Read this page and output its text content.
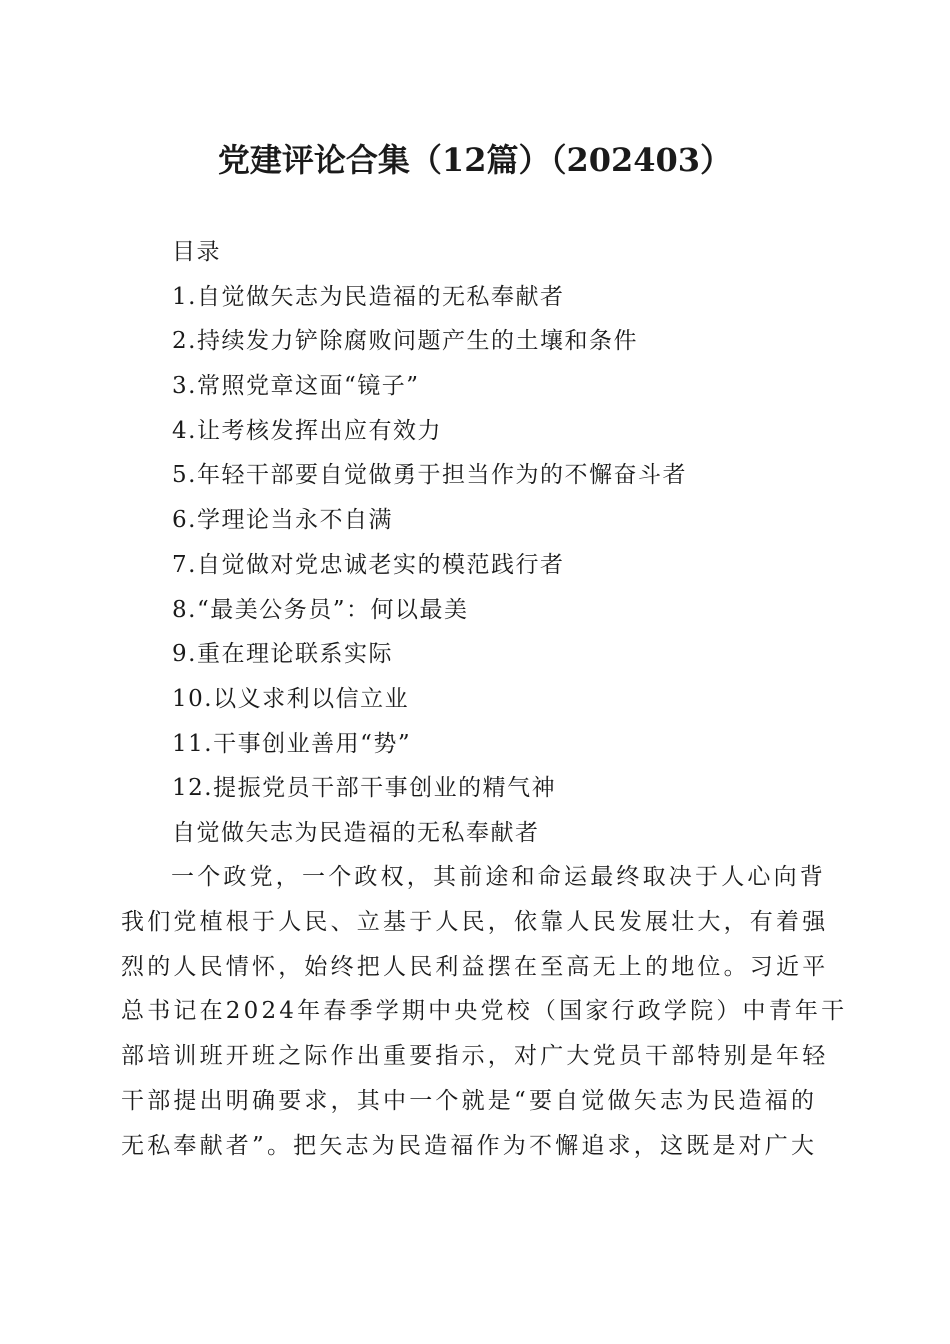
党建评论合集（12篇）（202403）
目录
1.自觉做矢志为民造福的无私奉献者
2.持续发力铲除腐败问题产生的土壤和条件
3.常照党章这面“镜子”
4.让考核发挥出应有效力
5.年轻干部要自觉做勇于担当作为的不懈奋斗者
6.学理论当永不自满
7.自觉做对党忠诚老实的模范践行者
8.“最美公务员”：何以最美
9.重在理论联系实际
10.以义求利以信立业
11.干事创业善用“势”
12.提振党员干部干事创业的精气神
自觉做矢志为民造福的无私奉献者
一个政党，一个政权，其前途和命运最终取决于人心向背
我们党植根于人民、立基于人民，依靠人民发展壮大，有着强
烈的人民情怀，始终把人民利益摆在至高无上的地位。习近平
总书记在2024年春季学期中央党校（国家行政学院）中青年干
部培训班开班之际作出重要指示，对广大党员干部特别是年轻
干部提出明确要求，其中一个就是“要自觉做矢志为民造福的
无私奉献者”。把矢志为民造福作为不懈追求，这既是对广大
